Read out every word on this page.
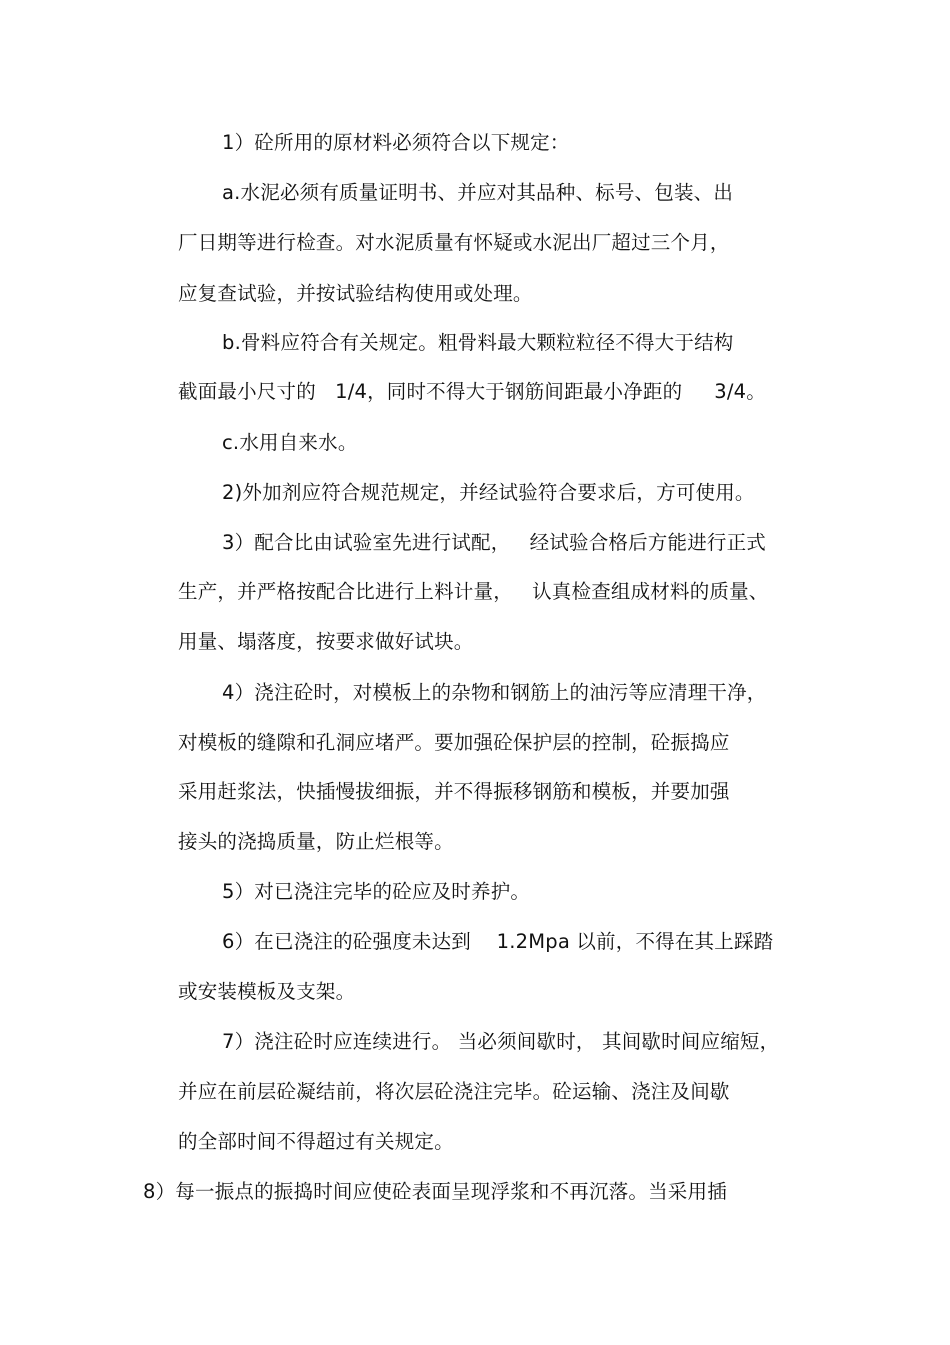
1）砼所用的原材料必须符合以下规定：
a.水泥必须有质量证明书、并应对其品种、标号、包装、出
厂日期等进行检查。对水泥质量有怀疑或水泥出厂超过三个月，
应复查试验，并按试验结构使用或处理。
b.骨料应符合有关规定。粗骨料最大颗粒粒径不得大于结构
截面最小尺寸的   1/4，同时不得大于钢筋间距最小净距的     3/4。
c.水用自来水。
2)外加剂应符合规范规定，并经试验符合要求后，方可使用。
3）配合比由试验室先进行试配，   经试验合格后方能进行正式
生产，并严格按配合比进行上料计量，   认真检查组成材料的质量、
用量、塌落度，按要求做好试块。
4）浇注砼时，对模板上的杂物和钢筋上的油污等应清理干净，
对模板的缝隙和孔洞应堵严。要加强砼保护层的控制，砼振捣应
采用赶浆法，快插慢拔细振，并不得振移钢筋和模板，并要加强
接头的浇捣质量，防止烂根等。
5）对已浇注完毕的砼应及时养护。
6）在已浇注的砼强度未达到    1.2Mpa 以前，不得在其上踩踏
或安装模板及支架。
7）浇注砼时应连续进行。 当必须间歇时， 其间歇时间应缩短，
并应在前层砼凝结前，将次层砼浇注完毕。砼运输、浇注及间歇
的全部时间不得超过有关规定。
8）每一振点的振捣时间应使砼表面呈现浮浆和不再沉落。当采用插
